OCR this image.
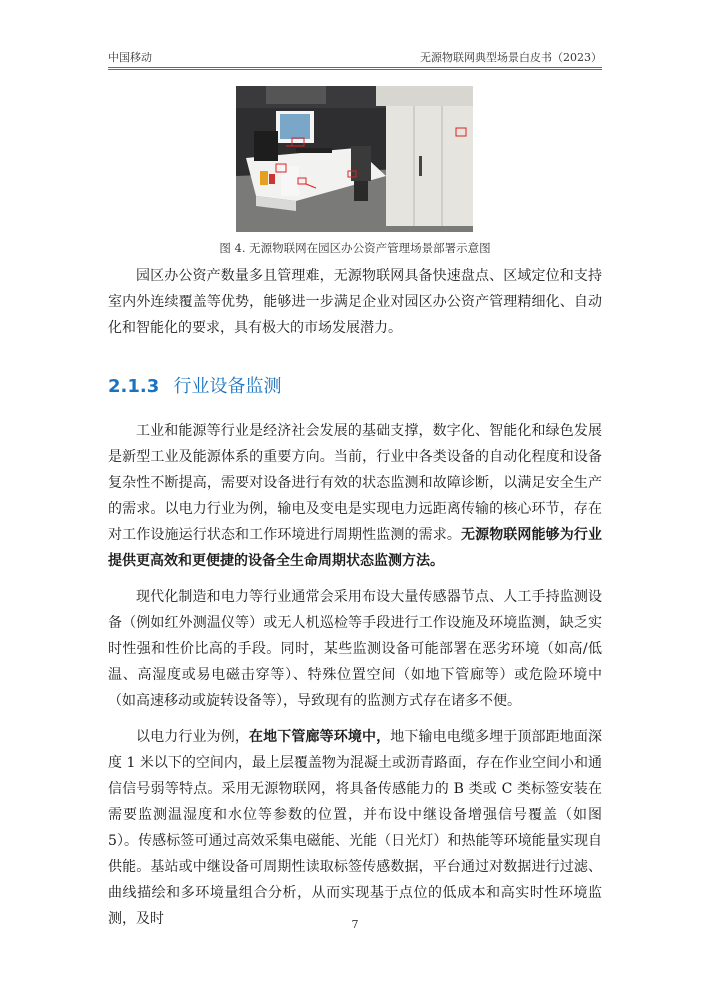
中国移动	无源物联网典型场景白皮书（2023）
图 4. 无源物联网在园区办公资产管理场景部署示意图

园区办公资产数量多且管理难，无源物联网具备快速盘点、区域定位和支持室内外连续覆盖等优势，能够进一步满足企业对园区办公资产管理精细化、自动化和智能化的要求，具有极大的市场发展潜力。

2.1.3 行业设备监测

工业和能源等行业是经济社会发展的基础支撑，数字化、智能化和绿色发展是新型工业及能源体系的重要方向。当前，行业中各类设备的自动化程度和设备复杂性不断提高，需要对设备进行有效的状态监测和故障诊断，以满足安全生产的需求。以电力行业为例，输电及变电是实现电力远距离传输的核心环节，存在对工作设施运行状态和工作环境进行周期性监测的需求。无源物联网能够为行业提供更高效和更便捷的设备全生命周期状态监测方法。

现代化制造和电力等行业通常会采用布设大量传感器节点、人工手持监测设备（例如红外测温仪等）或无人机巡检等手段进行工作设施及环境监测，缺乏实时性强和性价比高的手段。同时，某些监测设备可能部署在恶劣环境（如高/低温、高湿度或易电磁击穿等）、特殊位置空间（如地下管廊等）或危险环境中（如高速移动或旋转设备等），导致现有的监测方式存在诸多不便。

以电力行业为例，在地下管廊等环境中，地下输电电缆多埋于顶部距地面深度 1 米以下的空间内，最上层覆盖物为混凝土或沥青路面，存在作业空间小和通信信号弱等特点。采用无源物联网，将具备传感能力的 B 类或 C 类标签安装在需要监测温湿度和水位等参数的位置，并布设中继设备增强信号覆盖（如图 5）。传感标签可通过高效采集电磁能、光能（日光灯）和热能等环境能量实现自供能。基站或中继设备可周期性读取标签传感数据，平台通过对数据进行过滤、曲线描绘和多环境量组合分析，从而实现基于点位的低成本和高实时性环境监测，及时	7
